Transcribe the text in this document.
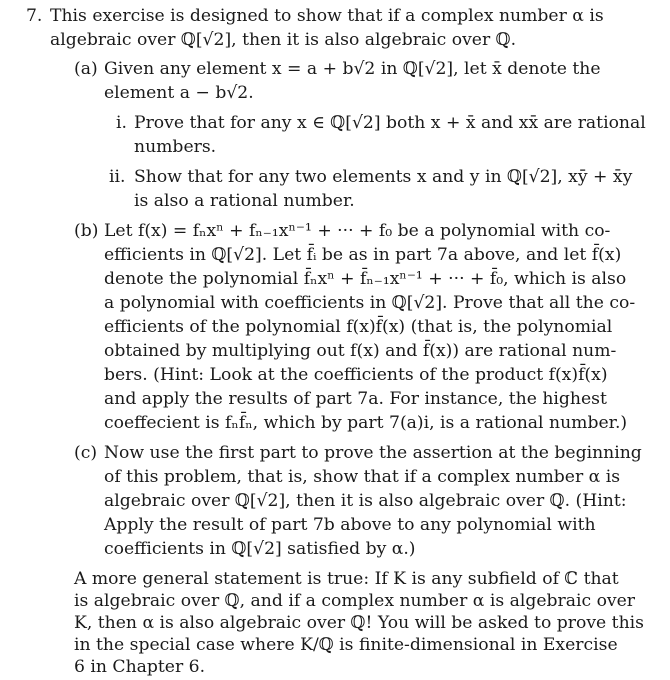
7. This exercise is designed to show that if a complex number α is
algebraic over ℚ[√2], then it is also algebraic over ℚ.
(a) Given any element x = a + b√2 in ℚ[√2], let x̄ denote the
element a − b√2.
i. Prove that for any x ∈ ℚ[√2] both x + x̄ and xx̄ are rational
numbers.
ii. Show that for any two elements x and y in ℚ[√2], xȳ + x̄y
is also a rational number.
(b) Let f(x) = fₙxⁿ + fₙ₋₁xⁿ⁻¹ + ··· + f₀ be a polynomial with co-
efficients in ℚ[√2]. Let f̄ᵢ be as in part 7a above, and let f̄(x)
denote the polynomial f̄ₙxⁿ + f̄ₙ₋₁xⁿ⁻¹ + ··· + f̄₀, which is also
a polynomial with coefficients in ℚ[√2]. Prove that all the co-
efficients of the polynomial f(x)f̄(x) (that is, the polynomial
obtained by multiplying out f(x) and f̄(x)) are rational num-
bers. (Hint: Look at the coefficients of the product f(x)f̄(x)
and apply the results of part 7a. For instance, the highest
coeffecient is fₙf̄ₙ, which by part 7(a)i, is a rational number.)
(c) Now use the first part to prove the assertion at the beginning
of this problem, that is, show that if a complex number α is
algebraic over ℚ[√2], then it is also algebraic over ℚ. (Hint:
Apply the result of part 7b above to any polynomial with
coefficients in ℚ[√2] satisfied by α.)
A more general statement is true: If K is any subfield of ℂ that
is algebraic over ℚ, and if a complex number α is algebraic over
K, then α is also algebraic over ℚ! You will be asked to prove this
in the special case where K/ℚ is finite-dimensional in Exercise
6 in Chapter 6.
